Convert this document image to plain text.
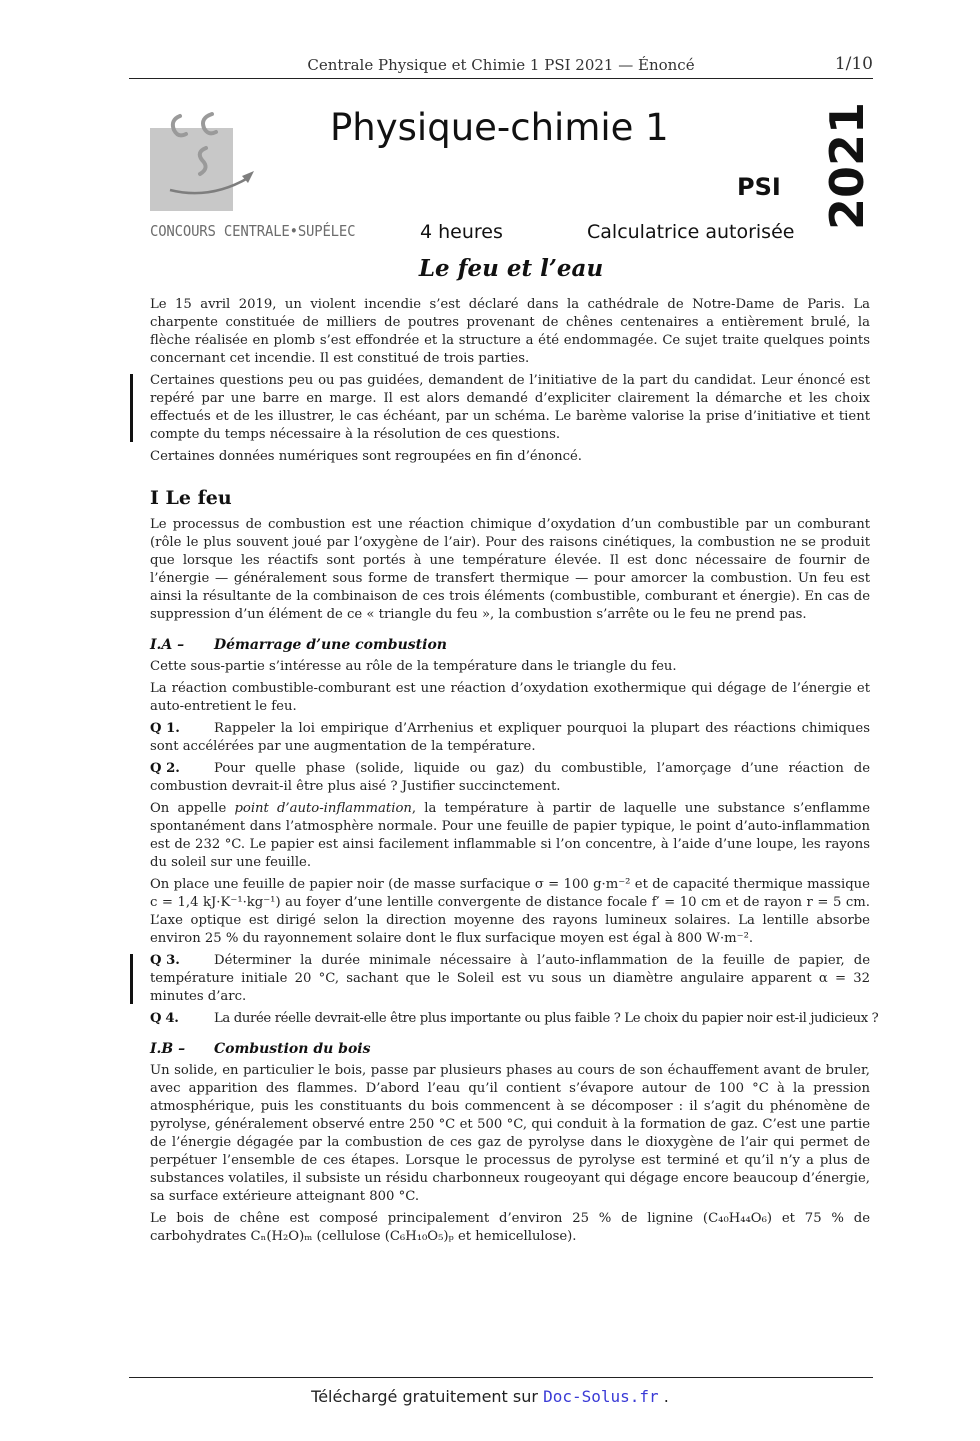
Centrale Physique et Chimie 1 PSI 2021 — Énoncé	1/10
CONCOURS CENTRALE•SUPÉLEC
Physique-chimie 1
PSI 2021
4 heures	Calculatrice autorisée
Le feu et l’eau

Le 15 avril 2019, un violent incendie s’est déclaré dans la cathédrale de Notre-Dame de Paris. La charpente constituée de milliers de poutres provenant de chênes centenaires a entièrement brulé, la flèche réalisée en plomb s’est effondrée et la structure a été endommagée. Ce sujet traite quelques points concernant cet incendie. Il est constitué de trois parties.

Certaines questions peu ou pas guidées, demandent de l’initiative de la part du candidat. Leur énoncé est repéré par une barre en marge. Il est alors demandé d’expliciter clairement la démarche et les choix effectués et de les illustrer, le cas échéant, par un schéma. Le barème valorise la prise d’initiative et tient compte du temps nécessaire à la résolution de ces questions.

Certaines données numériques sont regroupées en fin d’énoncé.

I Le feu

Le processus de combustion est une réaction chimique d’oxydation d’un combustible par un comburant (rôle le plus souvent joué par l’oxygène de l’air). Pour des raisons cinétiques, la combustion ne se produit que lorsque les réactifs sont portés à une température élevée. Il est donc nécessaire de fournir de l’énergie — généralement sous forme de transfert thermique — pour amorcer la combustion. Un feu est ainsi la résultante de la combinaison de ces trois éléments (combustible, comburant et énergie). En cas de suppression d’un élément de ce « triangle du feu », la combustion s’arrête ou le feu ne prend pas.

I.A – Démarrage d’une combustion

Cette sous-partie s’intéresse au rôle de la température dans le triangle du feu.

La réaction combustible-comburant est une réaction d’oxydation exothermique qui dégage de l’énergie et auto-entretient le feu.

Q 1.	Rappeler la loi empirique d’Arrhenius et expliquer pourquoi la plupart des réactions chimiques sont accélérées par une augmentation de la température.

Q 2.	Pour quelle phase (solide, liquide ou gaz) du combustible, l’amorçage d’une réaction de combustion devrait-il être plus aisé ? Justifier succinctement.

On appelle point d’auto-inflammation, la température à partir de laquelle une substance s’enflamme spontanément dans l’atmosphère normale. Pour une feuille de papier typique, le point d’auto-inflammation est de 232 °C. Le papier est ainsi facilement inflammable si l’on concentre, à l’aide d’une loupe, les rayons du soleil sur une feuille.

On place une feuille de papier noir (de masse surfacique σ = 100 g·m⁻² et de capacité thermique massique c = 1,4 kJ·K⁻¹·kg⁻¹) au foyer d’une lentille convergente de distance focale f′ = 10 cm et de rayon r = 5 cm. L’axe optique est dirigé selon la direction moyenne des rayons lumineux solaires. La lentille absorbe environ 25 % du rayonnement solaire dont le flux surfacique moyen est égal à 800 W·m⁻².

Q 3.	Déterminer la durée minimale nécessaire à l’auto-inflammation de la feuille de papier, de température initiale 20 °C, sachant que le Soleil est vu sous un diamètre angulaire apparent α = 32 minutes d’arc.

Q 4.	La durée réelle devrait-elle être plus importante ou plus faible ? Le choix du papier noir est-il judicieux ?

I.B – Combustion du bois

Un solide, en particulier le bois, passe par plusieurs phases au cours de son échauffement avant de bruler, avec apparition des flammes. D’abord l’eau qu’il contient s’évapore autour de 100 °C à la pression atmosphérique, puis les constituants du bois commencent à se décomposer : il s’agit du phénomène de pyrolyse, généralement observé entre 250 °C et 500 °C, qui conduit à la formation de gaz. C’est une partie de l’énergie dégagée par la combustion de ces gaz de pyrolyse dans le dioxygène de l’air qui permet de perpétuer l’ensemble de ces étapes. Lorsque le processus de pyrolyse est terminé et qu’il n’y a plus de substances volatiles, il subsiste un résidu charbonneux rougeoyant qui dégage encore beaucoup d’énergie, sa surface extérieure atteignant 800 °C.

Le bois de chêne est composé principalement d’environ 25 % de lignine (C₄₀H₄₄O₆) et 75 % de carbohydrates Cₙ(H₂O)ₘ (cellulose (C₆H₁₀O₅)ₚ et hemicellulose).

Téléchargé gratuitement sur Doc-Solus.fr .
